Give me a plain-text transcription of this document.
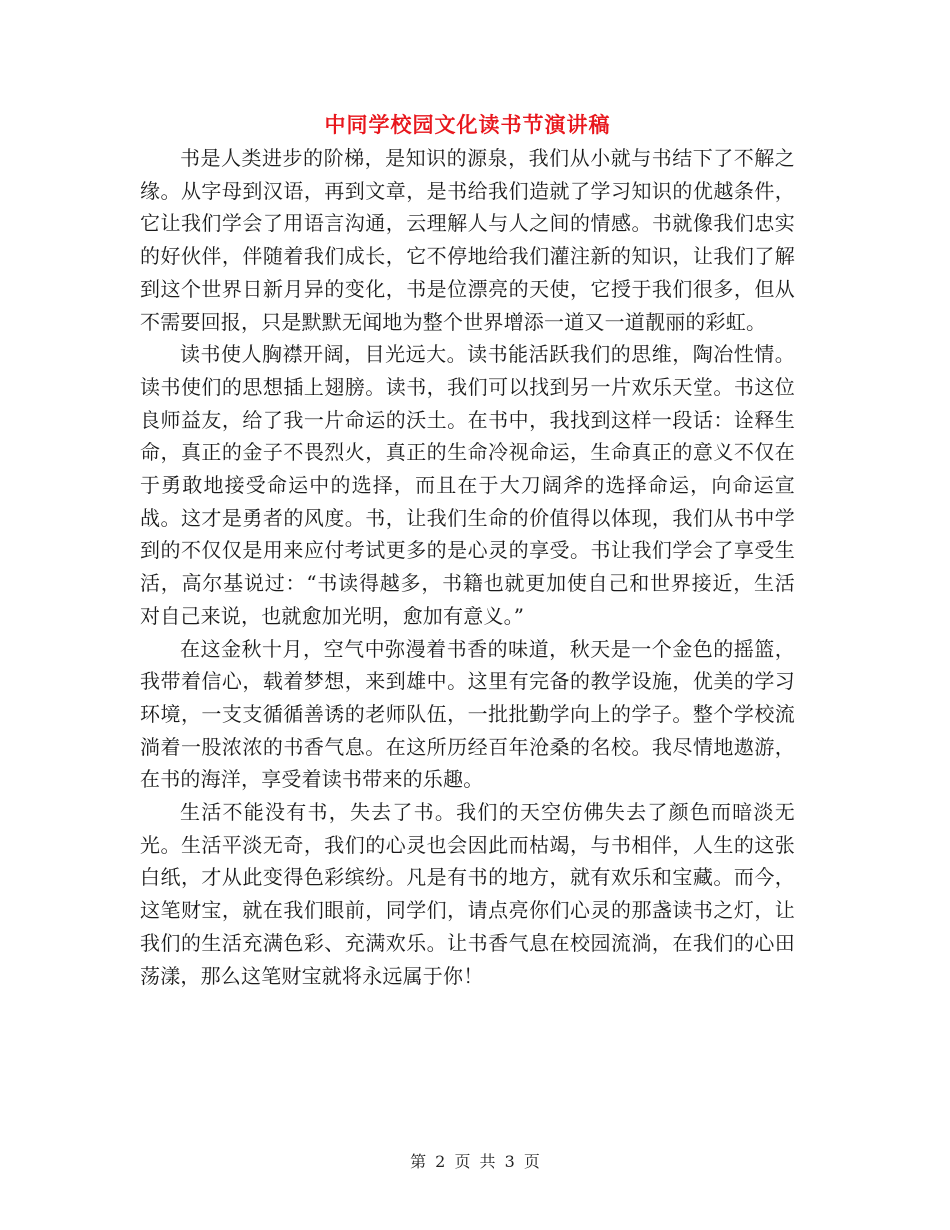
中同学校园文化读书节演讲稿

书是人类进步的阶梯，是知识的源泉，我们从小就与书结下了不解之缘。从字母到汉语，再到文章，是书给我们造就了学习知识的优越条件，它让我们学会了用语言沟通，云理解人与人之间的情感。书就像我们忠实的好伙伴，伴随着我们成长，它不停地给我们灌注新的知识，让我们了解到这个世界日新月异的变化，书是位漂亮的天使，它授于我们很多，但从不需要回报，只是默默无闻地为整个世界增添一道又一道靓丽的彩虹。

读书使人胸襟开阔，目光远大。读书能活跃我们的思维，陶冶性情。读书使们的思想插上翅膀。读书，我们可以找到另一片欢乐天堂。书这位良师益友，给了我一片命运的沃土。在书中，我找到这样一段话：诠释生命，真正的金子不畏烈火，真正的生命冷视命运，生命真正的意义不仅在于勇敢地接受命运中的选择，而且在于大刀阔斧的选择命运，向命运宣战。这才是勇者的风度。书，让我们生命的价值得以体现，我们从书中学到的不仅仅是用来应付考试更多的是心灵的享受。书让我们学会了享受生活，高尔基说过：“书读得越多，书籍也就更加使自己和世界接近，生活对自己来说，也就愈加光明，愈加有意义。”

在这金秋十月，空气中弥漫着书香的味道，秋天是一个金色的摇篮，我带着信心，载着梦想，来到雄中。这里有完备的教学设施，优美的学习环境，一支支循循善诱的老师队伍，一批批勤学向上的学子。整个学校流淌着一股浓浓的书香气息。在这所历经百年沧桑的名校。我尽情地遨游，在书的海洋，享受着读书带来的乐趣。

生活不能没有书，失去了书。我们的天空仿佛失去了颜色而暗淡无光。生活平淡无奇，我们的心灵也会因此而枯竭，与书相伴，人生的这张白纸，才从此变得色彩缤纷。凡是有书的地方，就有欢乐和宝藏。而今，这笔财宝，就在我们眼前，同学们，请点亮你们心灵的那盏读书之灯，让我们的生活充满色彩、充满欢乐。让书香气息在校园流淌，在我们的心田荡漾，那么这笔财宝就将永远属于你！

第 2 页 共 3 页
